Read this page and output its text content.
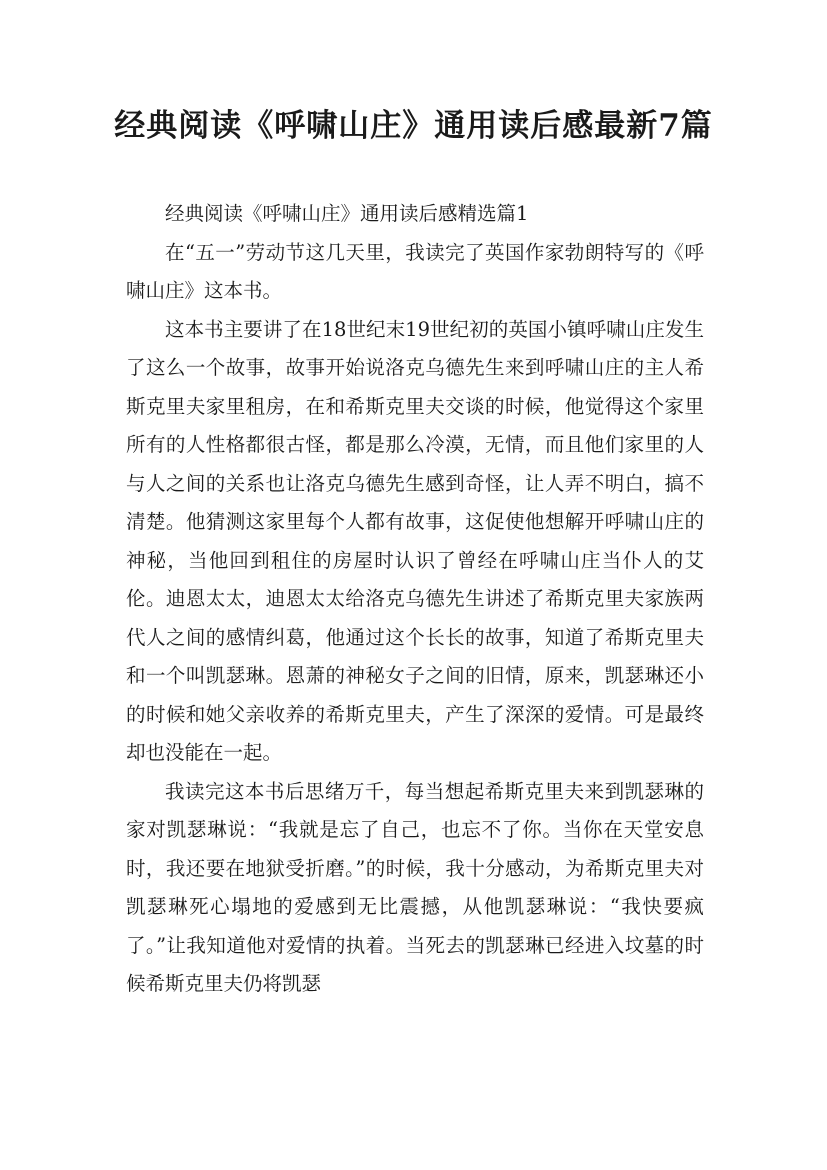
经典阅读《呼啸山庄》通用读后感最新7篇

经典阅读《呼啸山庄》通用读后感精选篇1

在“五一”劳动节这几天里，我读完了英国作家勃朗特写的《呼啸山庄》这本书。

这本书主要讲了在18世纪末19世纪初的英国小镇呼啸山庄发生了这么一个故事，故事开始说洛克乌德先生来到呼啸山庄的主人希斯克里夫家里租房，在和希斯克里夫交谈的时候，他觉得这个家里所有的人性格都很古怪，都是那么冷漠，无情，而且他们家里的人与人之间的关系也让洛克乌德先生感到奇怪，让人弄不明白，搞不清楚。他猜测这家里每个人都有故事，这促使他想解开呼啸山庄的神秘，当他回到租住的房屋时认识了曾经在呼啸山庄当仆人的艾伦。迪恩太太，迪恩太太给洛克乌德先生讲述了希斯克里夫家族两代人之间的感情纠葛，他通过这个长长的故事，知道了希斯克里夫和一个叫凯瑟琳。恩萧的神秘女子之间的旧情，原来，凯瑟琳还小的时候和她父亲收养的希斯克里夫，产生了深深的爱情。可是最终却也没能在一起。

我读完这本书后思绪万千，每当想起希斯克里夫来到凯瑟琳的家对凯瑟琳说：“我就是忘了自己，也忘不了你。当你在天堂安息时，我还要在地狱受折磨。”的时候，我十分感动，为希斯克里夫对凯瑟琳死心塌地的爱感到无比震撼，从他凯瑟琳说：“我快要疯了。”让我知道他对爱情的执着。当死去的凯瑟琳已经进入坟墓的时候希斯克里夫仍将凯瑟
